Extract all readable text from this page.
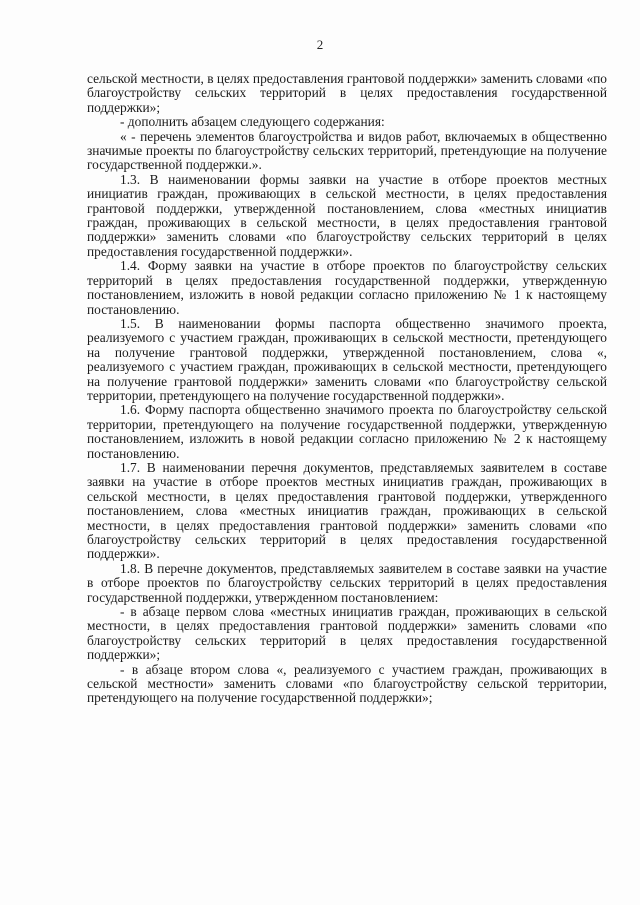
2

сельской местности, в целях предоставления грантовой поддержки» заменить словами «по благоустройству сельских территорий в целях предоставления государственной поддержки»;

- дополнить абзацем следующего содержания:

« - перечень элементов благоустройства и видов работ, включаемых в общественно значимые проекты по благоустройству сельских территорий, претендующие на получение государственной поддержки.».

1.3. В наименовании формы заявки на участие в отборе проектов местных инициатив граждан, проживающих в сельской местности, в целях предоставления грантовой поддержки, утвержденной постановлением, слова «местных инициатив граждан, проживающих в сельской местности, в целях предоставления грантовой поддержки» заменить словами «по благоустройству сельских территорий в целях предоставления государственной поддержки».

1.4. Форму заявки на участие в отборе проектов по благоустройству сельских территорий в целях предоставления государственной поддержки, утвержденную постановлением, изложить в новой редакции согласно приложению № 1 к настоящему постановлению.

1.5. В наименовании формы паспорта общественно значимого проекта, реализуемого с участием граждан, проживающих в сельской местности, претендующего на получение грантовой поддержки, утвержденной постановлением, слова «, реализуемого с участием граждан, проживающих в сельской местности, претендующего на получение грантовой поддержки» заменить словами «по благоустройству сельской территории, претендующего на получение государственной поддержки».

1.6. Форму паспорта общественно значимого проекта по благоустройству сельской территории, претендующего на получение государственной поддержки, утвержденную постановлением, изложить в новой редакции согласно приложению № 2 к настоящему постановлению.

1.7. В наименовании перечня документов, представляемых заявителем в составе заявки на участие в отборе проектов местных инициатив граждан, проживающих в сельской местности, в целях предоставления грантовой поддержки, утвержденного постановлением, слова «местных инициатив граждан, проживающих в сельской местности, в целях предоставления грантовой поддержки» заменить словами «по благоустройству сельских территорий в целях предоставления государственной поддержки».

1.8. В перечне документов, представляемых заявителем в составе заявки на участие в отборе проектов по благоустройству сельских территорий в целях предоставления государственной поддержки, утвержденном постановлением:

- в абзаце первом слова «местных инициатив граждан, проживающих в сельской местности, в целях предоставления грантовой поддержки» заменить словами «по благоустройству сельских территорий в целях предоставления государственной поддержки»;

- в абзаце втором слова «, реализуемого с участием граждан, проживающих в сельской местности» заменить словами «по благоустройству сельской территории, претендующего на получение государственной поддержки»;
